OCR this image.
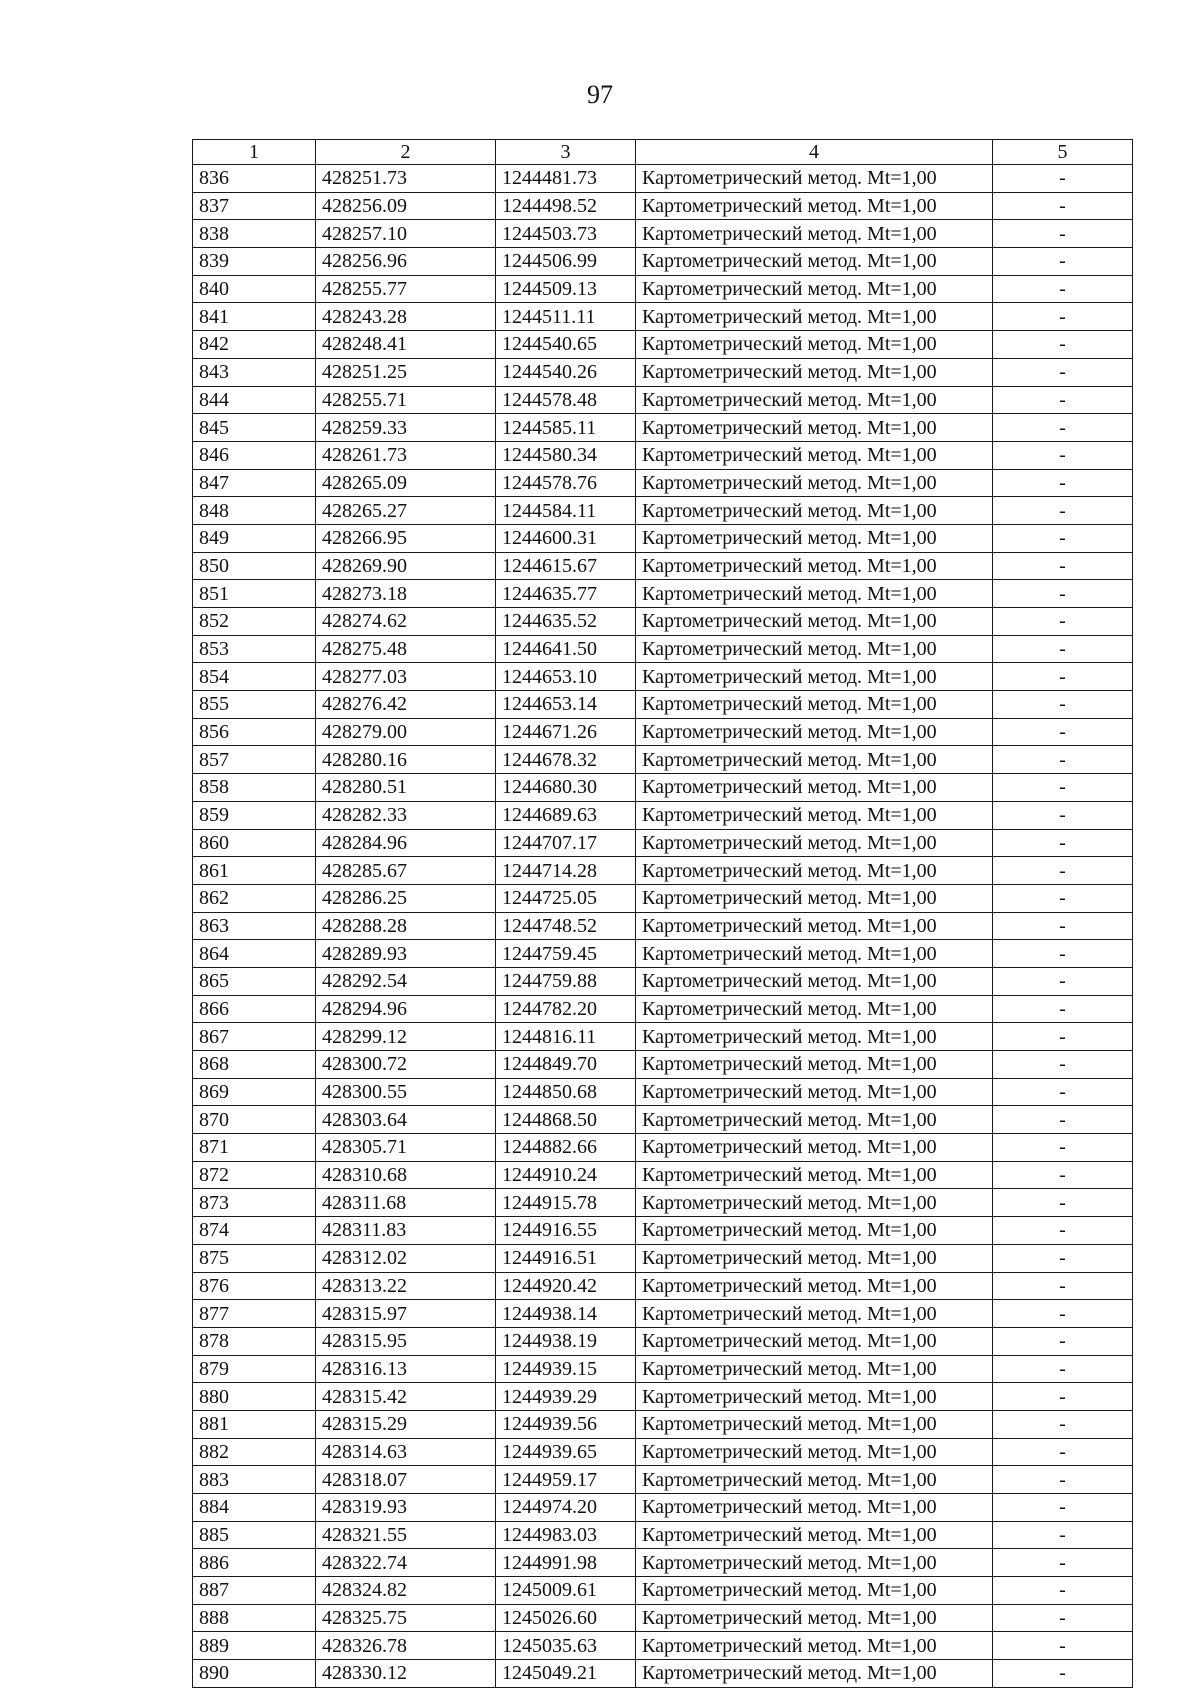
97
1	2	3	4	5
836	428251.73	1244481.73	Картометрический метод. Mt=1,00	-
837	428256.09	1244498.52	Картометрический метод. Mt=1,00	-
838	428257.10	1244503.73	Картометрический метод. Mt=1,00	-
839	428256.96	1244506.99	Картометрический метод. Mt=1,00	-
840	428255.77	1244509.13	Картометрический метод. Mt=1,00	-
841	428243.28	1244511.11	Картометрический метод. Mt=1,00	-
842	428248.41	1244540.65	Картометрический метод. Mt=1,00	-
843	428251.25	1244540.26	Картометрический метод. Mt=1,00	-
844	428255.71	1244578.48	Картометрический метод. Mt=1,00	-
845	428259.33	1244585.11	Картометрический метод. Mt=1,00	-
846	428261.73	1244580.34	Картометрический метод. Mt=1,00	-
847	428265.09	1244578.76	Картометрический метод. Mt=1,00	-
848	428265.27	1244584.11	Картометрический метод. Mt=1,00	-
849	428266.95	1244600.31	Картометрический метод. Mt=1,00	-
850	428269.90	1244615.67	Картометрический метод. Mt=1,00	-
851	428273.18	1244635.77	Картометрический метод. Mt=1,00	-
852	428274.62	1244635.52	Картометрический метод. Mt=1,00	-
853	428275.48	1244641.50	Картометрический метод. Mt=1,00	-
854	428277.03	1244653.10	Картометрический метод. Mt=1,00	-
855	428276.42	1244653.14	Картометрический метод. Mt=1,00	-
856	428279.00	1244671.26	Картометрический метод. Mt=1,00	-
857	428280.16	1244678.32	Картометрический метод. Mt=1,00	-
858	428280.51	1244680.30	Картометрический метод. Mt=1,00	-
859	428282.33	1244689.63	Картометрический метод. Mt=1,00	-
860	428284.96	1244707.17	Картометрический метод. Mt=1,00	-
861	428285.67	1244714.28	Картометрический метод. Mt=1,00	-
862	428286.25	1244725.05	Картометрический метод. Mt=1,00	-
863	428288.28	1244748.52	Картометрический метод. Mt=1,00	-
864	428289.93	1244759.45	Картометрический метод. Mt=1,00	-
865	428292.54	1244759.88	Картометрический метод. Mt=1,00	-
866	428294.96	1244782.20	Картометрический метод. Mt=1,00	-
867	428299.12	1244816.11	Картометрический метод. Mt=1,00	-
868	428300.72	1244849.70	Картометрический метод. Mt=1,00	-
869	428300.55	1244850.68	Картометрический метод. Mt=1,00	-
870	428303.64	1244868.50	Картометрический метод. Mt=1,00	-
871	428305.71	1244882.66	Картометрический метод. Mt=1,00	-
872	428310.68	1244910.24	Картометрический метод. Mt=1,00	-
873	428311.68	1244915.78	Картометрический метод. Mt=1,00	-
874	428311.83	1244916.55	Картометрический метод. Mt=1,00	-
875	428312.02	1244916.51	Картометрический метод. Mt=1,00	-
876	428313.22	1244920.42	Картометрический метод. Mt=1,00	-
877	428315.97	1244938.14	Картометрический метод. Mt=1,00	-
878	428315.95	1244938.19	Картометрический метод. Mt=1,00	-
879	428316.13	1244939.15	Картометрический метод. Mt=1,00	-
880	428315.42	1244939.29	Картометрический метод. Mt=1,00	-
881	428315.29	1244939.56	Картометрический метод. Mt=1,00	-
882	428314.63	1244939.65	Картометрический метод. Mt=1,00	-
883	428318.07	1244959.17	Картометрический метод. Mt=1,00	-
884	428319.93	1244974.20	Картометрический метод. Mt=1,00	-
885	428321.55	1244983.03	Картометрический метод. Mt=1,00	-
886	428322.74	1244991.98	Картометрический метод. Mt=1,00	-
887	428324.82	1245009.61	Картометрический метод. Mt=1,00	-
888	428325.75	1245026.60	Картометрический метод. Mt=1,00	-
889	428326.78	1245035.63	Картометрический метод. Mt=1,00	-
890	428330.12	1245049.21	Картометрический метод. Mt=1,00	-
